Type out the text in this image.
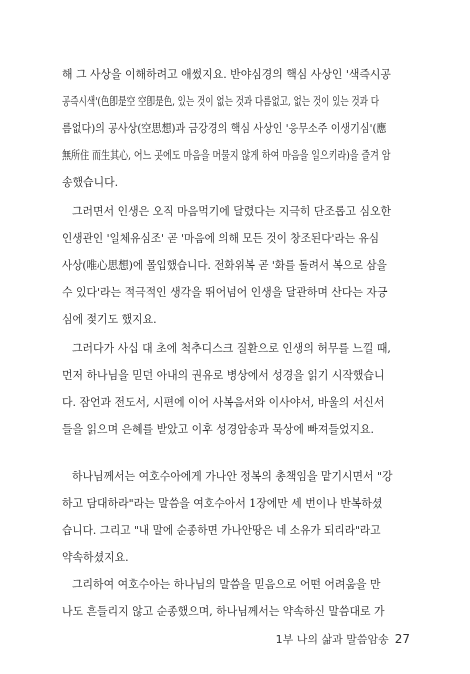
해 그 사상을 이해하려고 애썼지요. 반야심경의 핵심 사상인 '색즉시공
공즉시색'(色卽是空 空卽是色, 있는 것이 없는 것과 다름없고, 없는 것이 있는 것과 다
름없다)의 공사상(空思想)과 금강경의 핵심 사상인 '응무소주 이생기심'(應
無所住 而生其心, 어느 곳에도 마음을 머물지 않게 하여 마음을 일으키라)을 즐겨 암
송했습니다.
그러면서 인생은 오직 마음먹기에 달렸다는 지극히 단조롭고 심오한
인생관인 '일체유심조' 곧 '마음에 의해 모든 것이 창조된다'라는 유심
사상(唯心思想)에 몰입했습니다. 전화위복 곧 '화를 돌려서 복으로 삼을
수 있다'라는 적극적인 생각을 뛰어넘어 인생을 달관하며 산다는 자긍
심에 젖기도 했지요.
그러다가 사십 대 초에 척추디스크 질환으로 인생의 허무를 느낄 때,
먼저 하나님을 믿던 아내의 권유로 병상에서 성경을 읽기 시작했습니
다. 잠언과 전도서, 시편에 이어 사복음서와 이사야서, 바울의 서신서
들을 읽으며 은혜를 받았고 이후 성경암송과 묵상에 빠져들었지요.
하나님께서는 여호수아에게 가나안 정복의 총책임을 맡기시면서 "강
하고 담대하라"라는 말씀을 여호수아서 1장에만 세 번이나 반복하셨
습니다. 그리고 "내 말에 순종하면 가나안땅은 네 소유가 되리라"라고
약속하셨지요.
그리하여 여호수아는 하나님의 말씀을 믿음으로 어떤 어려움을 만
1부 나의 삶과 말씀암송 27
나도 흔들리지 않고 순종했으며, 하나님께서는 약속하신 말씀대로 가
